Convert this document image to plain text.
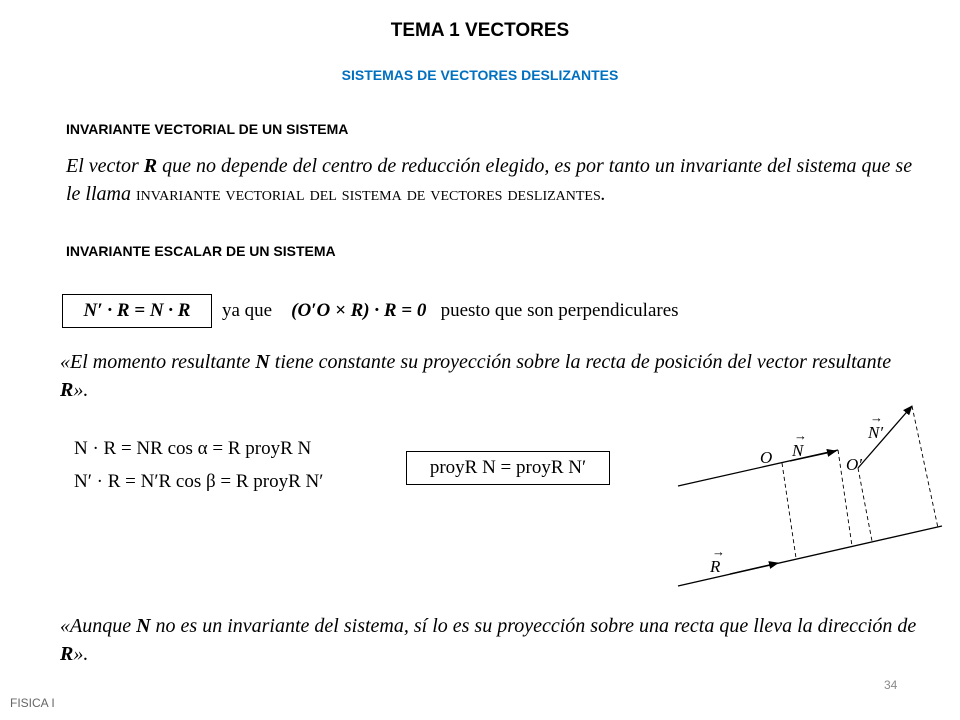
TEMA 1 VECTORES
SISTEMAS DE VECTORES DESLIZANTES
INVARIANTE VECTORIAL DE UN SISTEMA
El vector R que no depende del centro de reducción elegido, es por tanto un invariante del sistema que se le llama invariante vectorial del sistema de vectores deslizantes.
INVARIANTE ESCALAR DE UN SISTEMA
N′ · R = N · R	ya que (O′O × R) · R = 0 puesto que son perpendiculares
«El momento resultante N tiene constante su proyección sobre la recta de posición del vector resultante R».
N · R = NR cos α = R proyR N
N′ · R = N′R cos β = R proyR N′
proyR N = proyR N′	O	O′
N
→	N′
→
R
→
«Aunque N no es un invariante del sistema, sí lo es su proyección sobre una recta que lleva la dirección de R».
34
FISICA I
